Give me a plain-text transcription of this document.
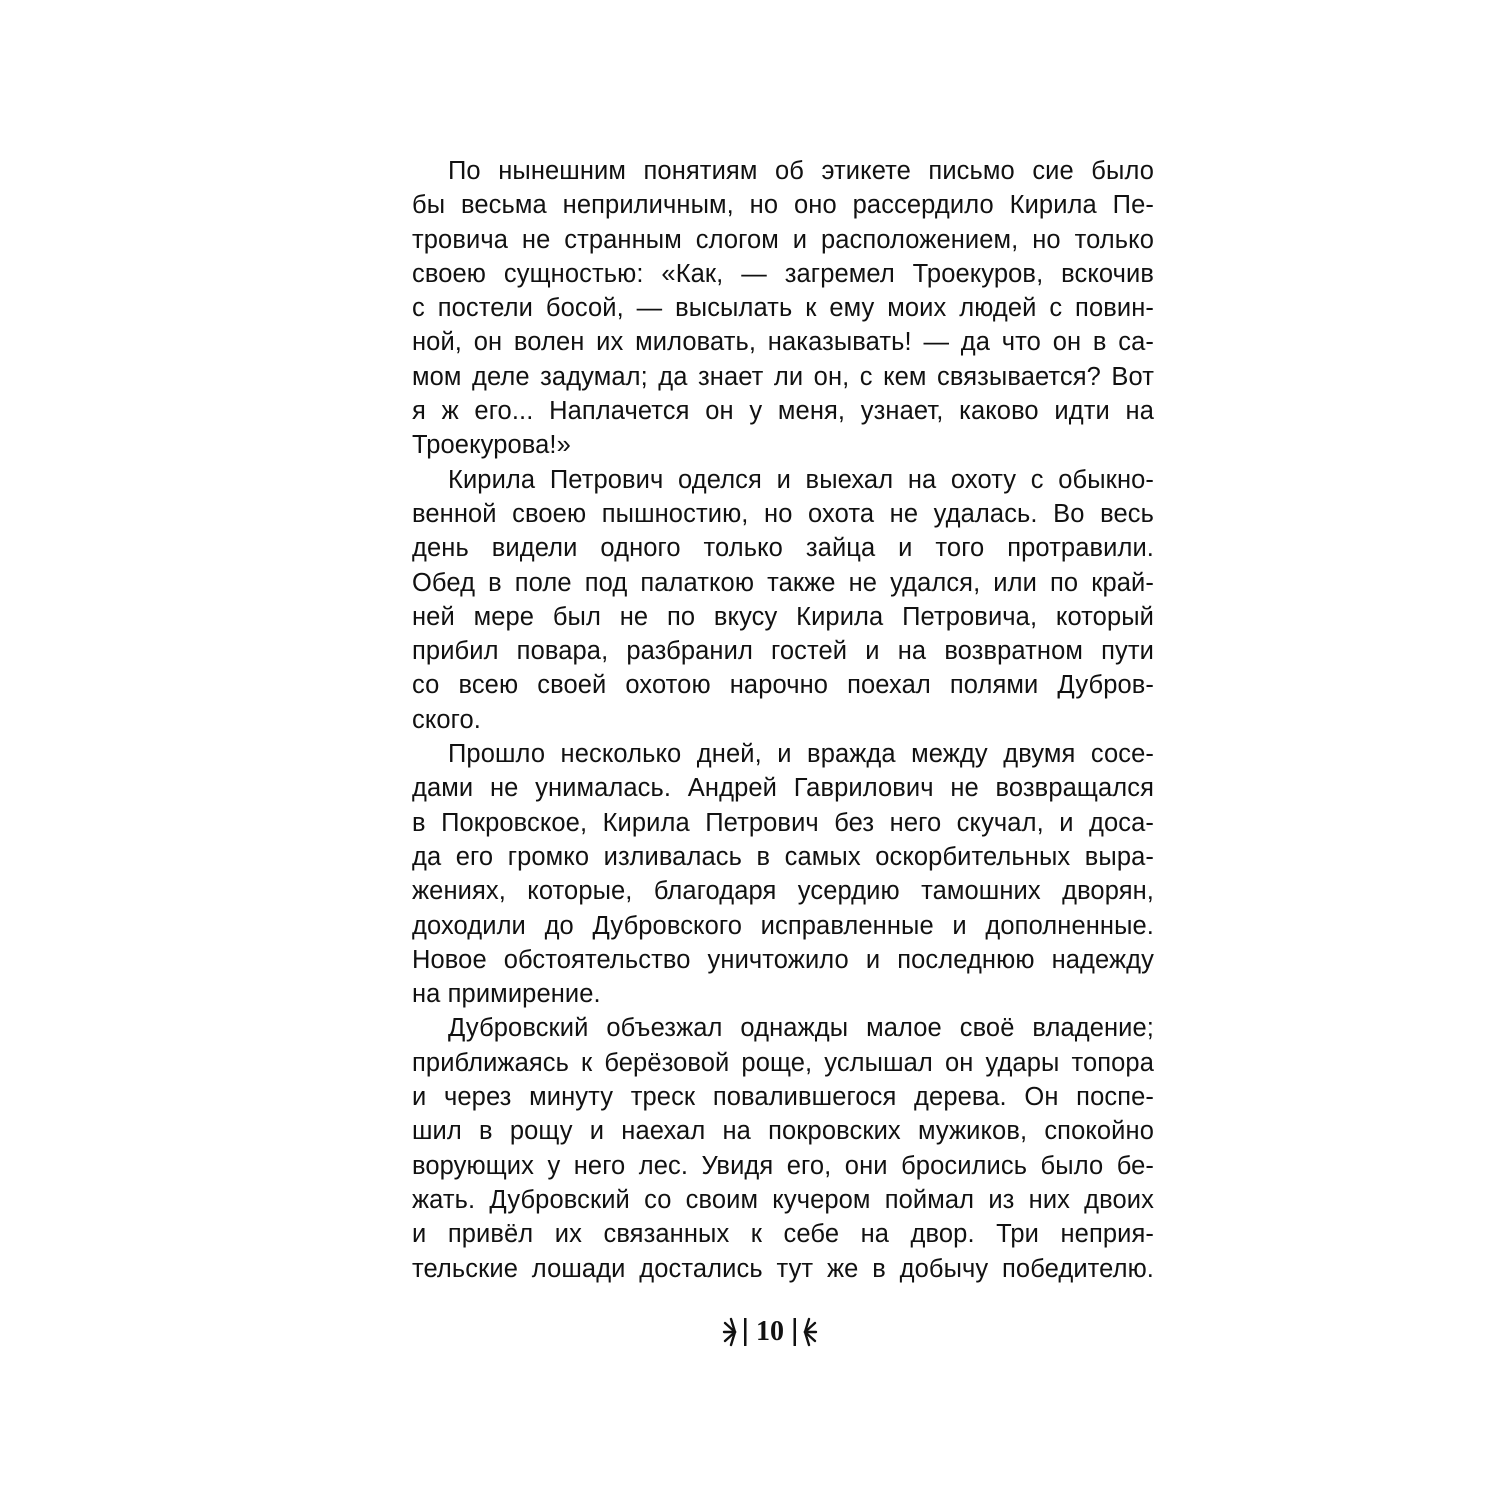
По нынешним понятиям об этикете письмо сие было
бы весьма неприличным, но оно рассердило Кирила Пе-
тровича не странным слогом и расположением, но только
своею сущностью: «Как, — загремел Троекуров, вскочив
с постели босой, — высылать к ему моих людей с повин-
ной, он волен их миловать, наказывать! — да что он в са-
мом деле задумал; да знает ли он, с кем связывается? Вот
я ж его... Наплачется он у меня, узнает, каково идти на
Троекурова!»
Кирила Петрович оделся и выехал на охоту с обыкно-
венной своею пышностию, но охота не удалась. Во весь
день видели одного только зайца и того протравили.
Обед в поле под палаткою также не удался, или по край-
ней мере был не по вкусу Кирила Петровича, который
прибил повара, разбранил гостей и на возвратном пути
со всею своей охотою нарочно поехал полями Дубров-
ского.
Прошло несколько дней, и вражда между двумя сосе-
дами не унималась. Андрей Гаврилович не возвращался
в Покровское, Кирила Петрович без него скучал, и доса-
да его громко изливалась в самых оскорбительных выра-
жениях, которые, благодаря усердию тамошних дворян,
доходили до Дубровского исправленные и дополненные.
Новое обстоятельство уничтожило и последнюю надежду
на примирение.
Дубровский объезжал однажды малое своё владение;
приближаясь к берёзовой роще, услышал он удары топора
и через минуту треск повалившегося дерева. Он поспе-
шил в рощу и наехал на покровских мужиков, спокойно
ворующих у него лес. Увидя его, они бросились было бе-
жать. Дубровский со своим кучером поймал из них двоих
и привёл их связанных к себе на двор. Три неприя-
тельские лошади достались тут же в добычу победителю.
10
